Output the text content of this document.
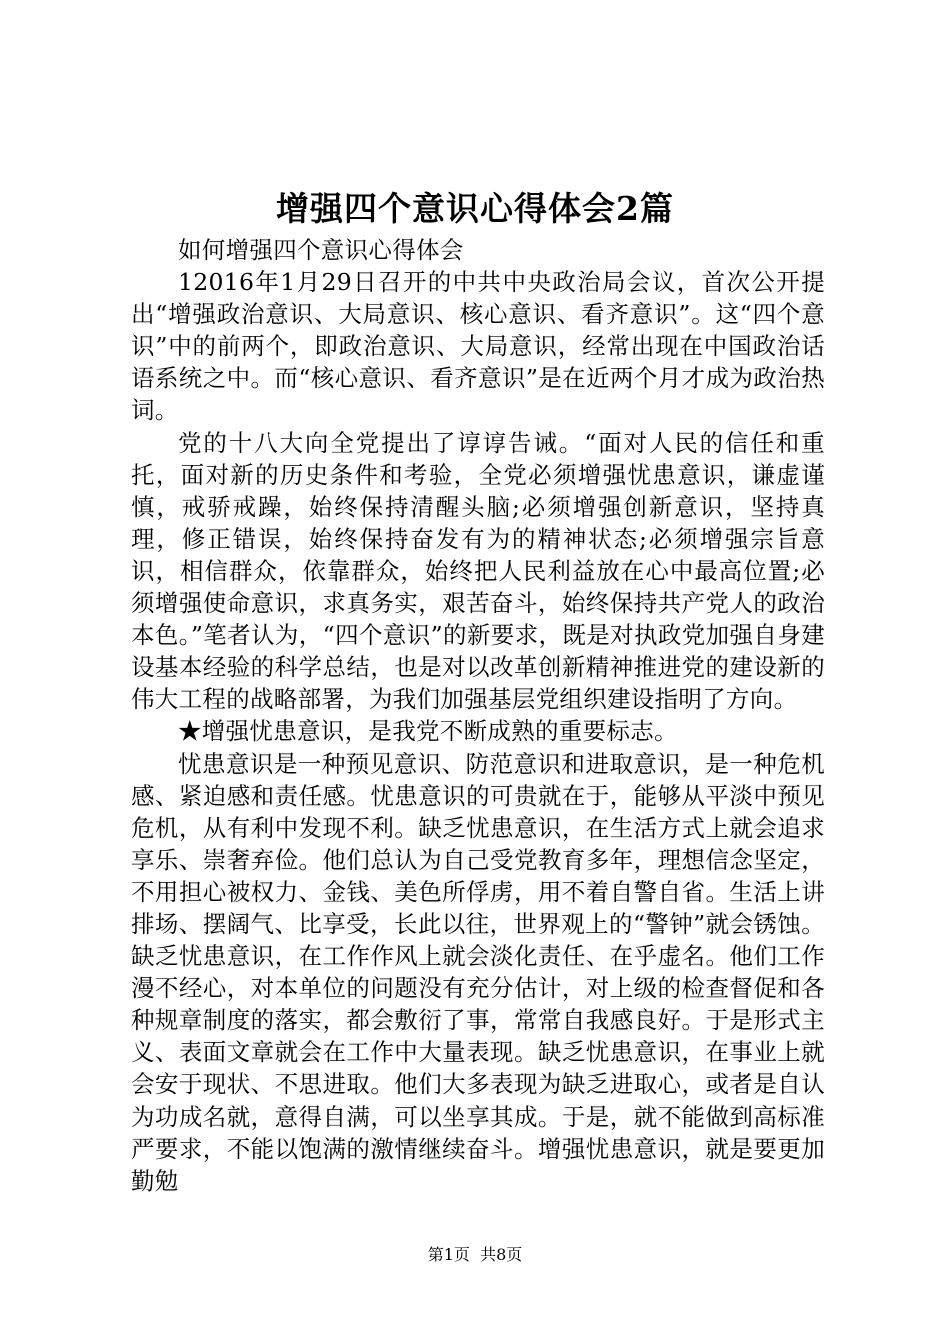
增强四个意识心得体会2篇

如何增强四个意识心得体会

12016年1月29日召开的中共中央政治局会议，首次公开提出“增强政治意识、大局意识、核心意识、看齐意识”。这“四个意识”中的前两个，即政治意识、大局意识，经常出现在中国政治话语系统之中。而“核心意识、看齐意识”是在近两个月才成为政治热词。

党的十八大向全党提出了谆谆告诫。“面对人民的信任和重托，面对新的历史条件和考验，全党必须增强忧患意识，谦虚谨慎，戒骄戒躁，始终保持清醒头脑;必须增强创新意识，坚持真理，修正错误，始终保持奋发有为的精神状态;必须增强宗旨意识，相信群众，依靠群众，始终把人民利益放在心中最高位置;必须增强使命意识，求真务实，艰苦奋斗，始终保持共产党人的政治本色。”笔者认为，“四个意识”的新要求，既是对执政党加强自身建设基本经验的科学总结，也是对以改革创新精神推进党的建设新的伟大工程的战略部署，为我们加强基层党组织建设指明了方向。

★增强忧患意识，是我党不断成熟的重要标志。

忧患意识是一种预见意识、防范意识和进取意识，是一种危机感、紧迫感和责任感。忧患意识的可贵就在于，能够从平淡中预见危机，从有利中发现不利。缺乏忧患意识，在生活方式上就会追求享乐、崇奢弃俭。他们总认为自己受党教育多年，理想信念坚定，不用担心被权力、金钱、美色所俘虏，用不着自警自省。生活上讲排场、摆阔气、比享受，长此以往，世界观上的“警钟”就会锈蚀。缺乏忧患意识，在工作作风上就会淡化责任、在乎虚名。他们工作漫不经心，对本单位的问题没有充分估计，对上级的检查督促和各种规章制度的落实，都会敷衍了事，常常自我感良好。于是形式主义、表面文章就会在工作中大量表现。缺乏忧患意识，在事业上就会安于现状、不思进取。他们大多表现为缺乏进取心，或者是自认为功成名就，意得自满，可以坐享其成。于是，就不能做到高标准严要求，不能以饱满的激情继续奋斗。增强忧患意识，就是要更加勤勉

第1页 共8页
